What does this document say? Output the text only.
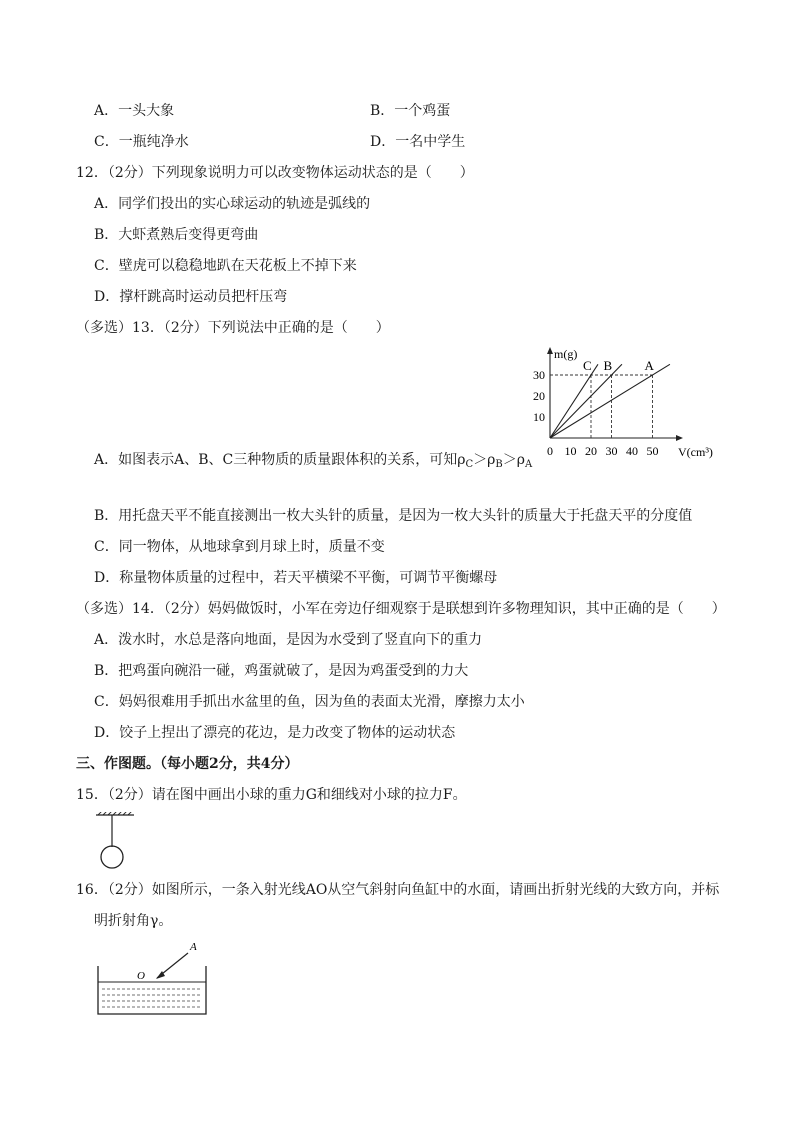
A．一头大象	B．一个鸡蛋
C．一瓶纯净水	D．一名中学生
12．（2分）下列现象说明力可以改变物体运动状态的是（　　）
A．同学们投出的实心球运动的轨迹是弧线的
B．大虾煮熟后变得更弯曲
C．壁虎可以稳稳地趴在天花板上不掉下来
D．撑杆跳高时运动员把杆压弯
（多选）13．（2分）下列说法中正确的是（　　）
m(g)
V(cm³)
0 10 20 30 40 50
10
20
30
A
B
C
A．如图表示A、B、C三种物质的质量跟体积的关系，可知$\rho_C>\rho_B>\rho_A$
B．用托盘天平不能直接测出一枚大头针的质量，是因为一枚大头针的质量大于托盘天平的分度值
C．同一物体，从地球拿到月球上时，质量不变
D．称量物体质量的过程中，若天平横梁不平衡，可调节平衡螺母
（多选）14．（2分）妈妈做饭时，小军在旁边仔细观察于是联想到许多物理知识，其中正确的是（　　）
A．泼水时，水总是落向地面，是因为水受到了竖直向下的重力
B．把鸡蛋向碗沿一碰，鸡蛋就破了，是因为鸡蛋受到的力大
C．妈妈很难用手抓出水盆里的鱼，因为鱼的表面太光滑，摩擦力太小
D．饺子上捏出了漂亮的花边，是力改变了物体的运动状态
三、作图题。（每小题2分，共4分）
15．（2分）请在图中画出小球的重力G和细线对小球的拉力F。
16．（2分）如图所示，一条入射光线AO从空气斜射向鱼缸中的水面，请画出折射光线的大致方向，并标
明折射角γ。
A
O
